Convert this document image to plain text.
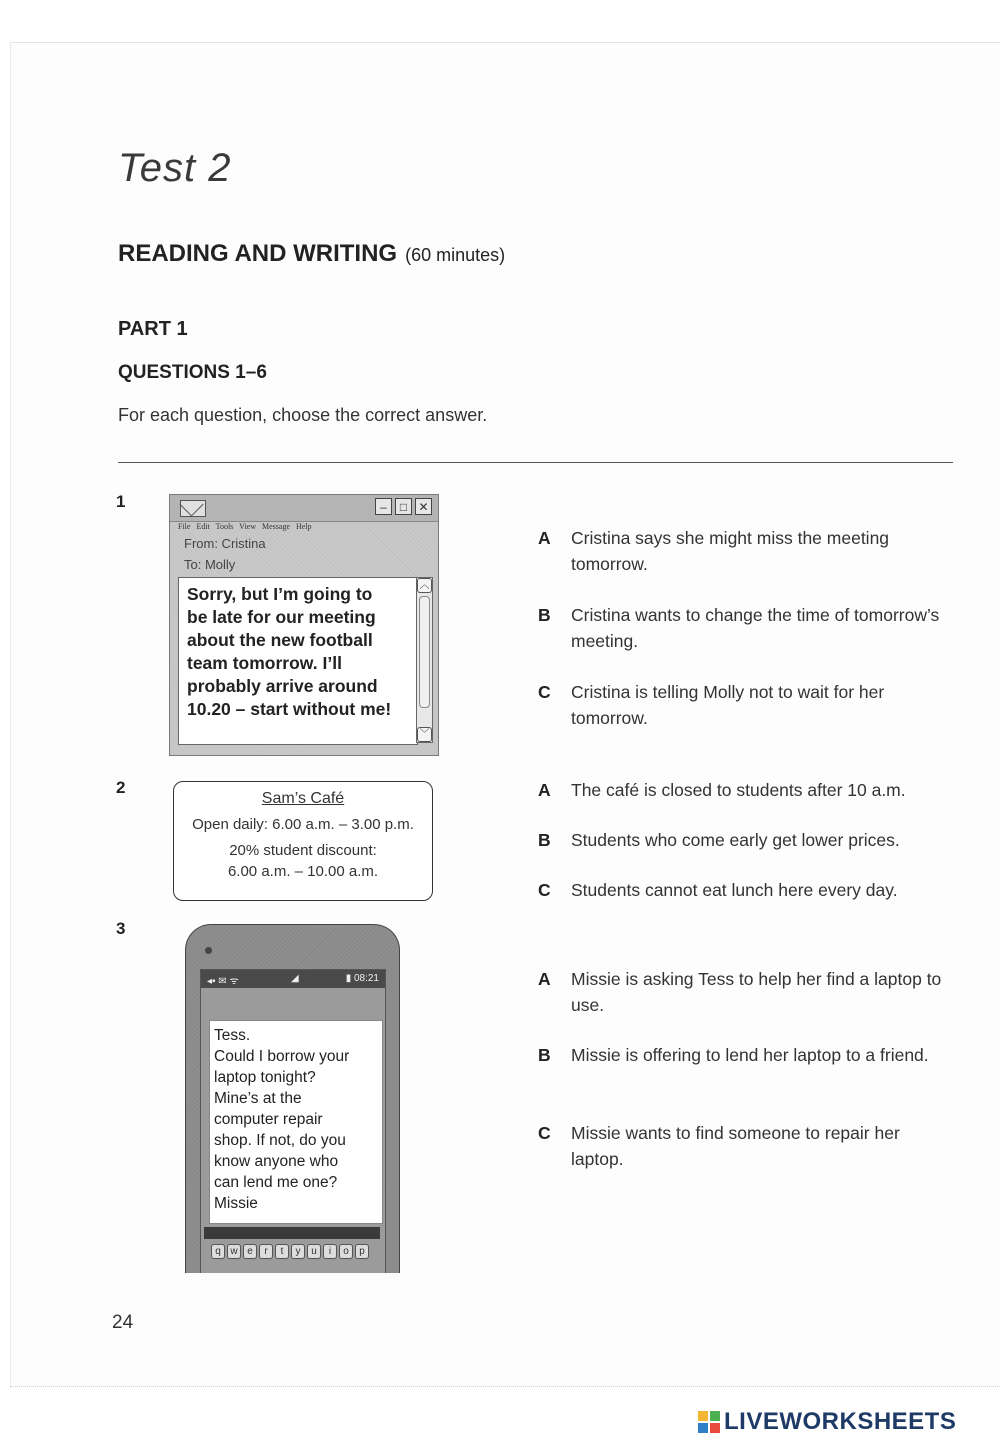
Test 2
READING AND WRITING (60 minutes)
PART 1
QUESTIONS 1–6
For each question, choose the correct answer.
1	–	□ ✕
File Edit Tools View Message Help
From: Cristina
To: Molly
Sorry, but I’m going to
be late for our meeting
about the new football
team tomorrow. I’ll
probably arrive around
10.20 – start without me!
︿
﹀
A Cristina says she might miss the meeting tomorrow.
B Cristina wants to change the time of tomorrow’s meeting.
C Cristina is telling Molly not to wait for her tomorrow.
2
Sam’s Café
Open daily: 6.00 a.m. – 3.00 p.m.
20% student discount:
6.00 a.m. – 10.00 a.m.
A The café is closed to students after 10 a.m.
B Students who come early get lower prices.
C Students cannot eat lunch here every day.
3
◂▪ ✉ ᯤ	◢	▮ 08:21
Tess.
Could I borrow your
laptop tonight?
Mine’s at the
computer repair
shop. If not, do you
know anyone who
can lend me one?
Missie
q w e r t y u i o p
A Missie is asking Tess to help her find a laptop to use.
B Missie is offering to lend her laptop to a friend.
C Missie wants to find someone to repair her laptop.
24
LIVEWORKSHEETS
